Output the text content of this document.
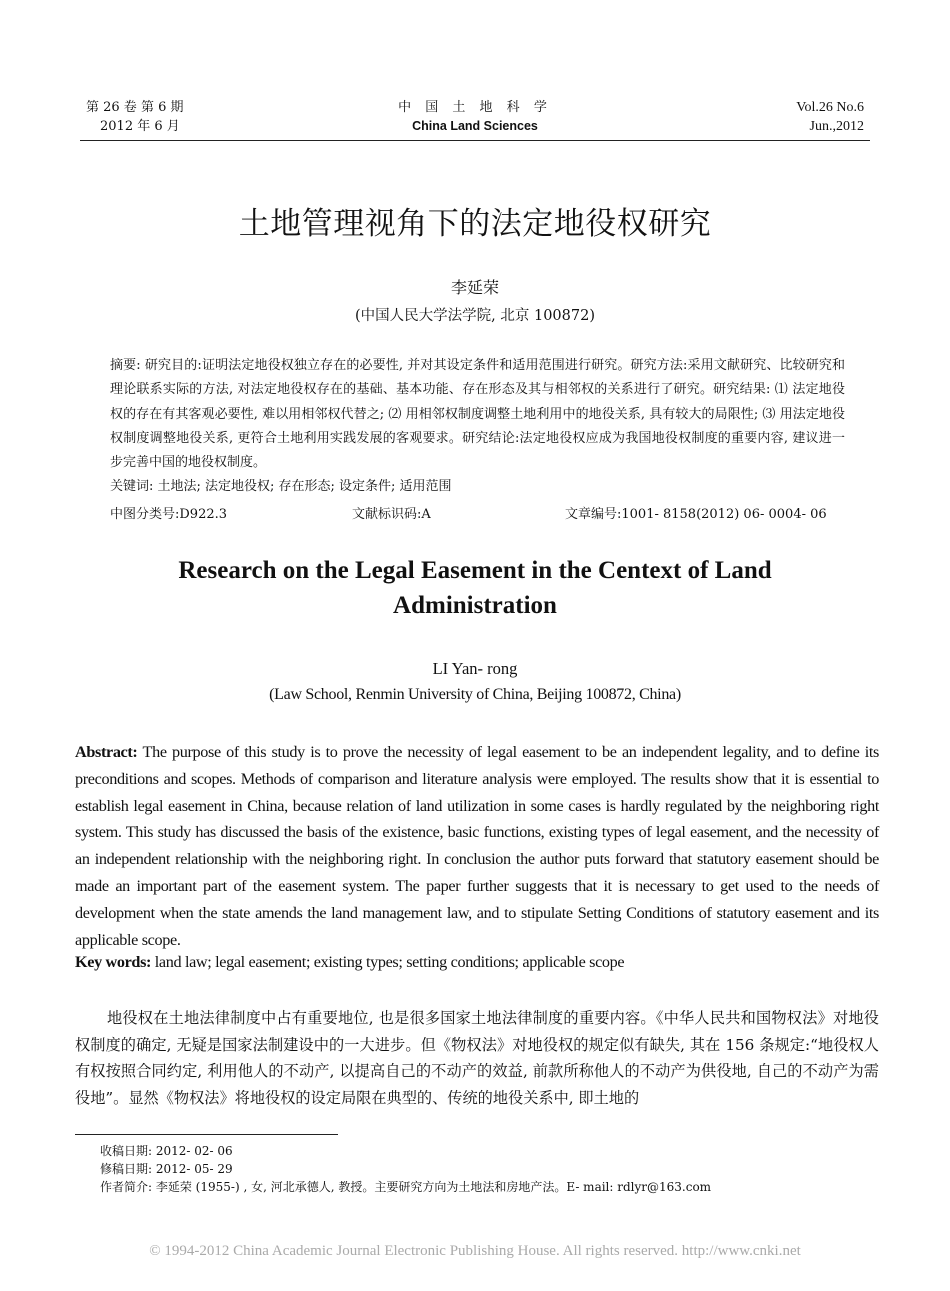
第 26 卷 第 6 期
2012 年 6 月
中 国 土 地 科 学
China Land Sciences
Vol.26 No.6
Jun.,2012
土地管理视角下的法定地役权研究
李延荣
(中国人民大学法学院, 北京 100872)
摘要: 研究目的:证明法定地役权独立存在的必要性, 并对其设定条件和适用范围进行研究。研究方法:采用文献研究、比较研究和理论联系实际的方法, 对法定地役权存在的基础、基本功能、存在形态及其与相邻权的关系进行了研究。研究结果: ⑴ 法定地役权的存在有其客观必要性, 难以用相邻权代替之; ⑵ 用相邻权制度调整土地利用中的地役关系, 具有较大的局限性; ⑶ 用法定地役权制度调整地役关系, 更符合土地利用实践发展的客观要求。研究结论:法定地役权应成为我国地役权制度的重要内容, 建议进一步完善中国的地役权制度。
关键词: 土地法; 法定地役权; 存在形态; 设定条件; 适用范围
中图分类号:D922.3	文献标识码:A	文章编号:1001- 8158(2012) 06- 0004- 06
Research on the Legal Easement in the Centext of Land Administration
LI Yan- rong
(Law School, Renmin University of China, Beijing 100872, China)
Abstract: The purpose of this study is to prove the necessity of legal easement to be an independent legality, and to define its preconditions and scopes. Methods of comparison and literature analysis were employed. The results show that it is essential to establish legal easement in China, because relation of land utilization in some cases is hardly regulated by the neighboring right system. This study has discussed the basis of the existence, basic functions, existing types of legal easement, and the necessity of an independent relationship with the neighboring right. In conclusion the author puts forward that statutory easement should be made an important part of the easement system. The paper further suggests that it is necessary to get used to the needs of development when the state amends the land management law, and to stipulate Setting Conditions of statutory easement and its applicable scope.
Key words: land law; legal easement; existing types; setting conditions; applicable scope
地役权在土地法律制度中占有重要地位, 也是很多国家土地法律制度的重要内容。《中华人民共和国物权法》对地役权制度的确定, 无疑是国家法制建设中的一大进步。但《物权法》对地役权的规定似有缺失, 其在 156 条规定:“地役权人有权按照合同约定, 利用他人的不动产, 以提高自己的不动产的效益, 前款所称他人的不动产为供役地, 自己的不动产为需役地”。显然《物权法》将地役权的设定局限在典型的、传统的地役关系中, 即土地的
收稿日期: 2012- 02- 06
修稿日期: 2012- 05- 29
作者简介: 李延荣 (1955-) , 女, 河北承德人, 教授。主要研究方向为土地法和房地产法。E- mail: rdlyr@163.com
© 1994-2012 China Academic Journal Electronic Publishing House. All rights reserved. http://www.cnki.net
